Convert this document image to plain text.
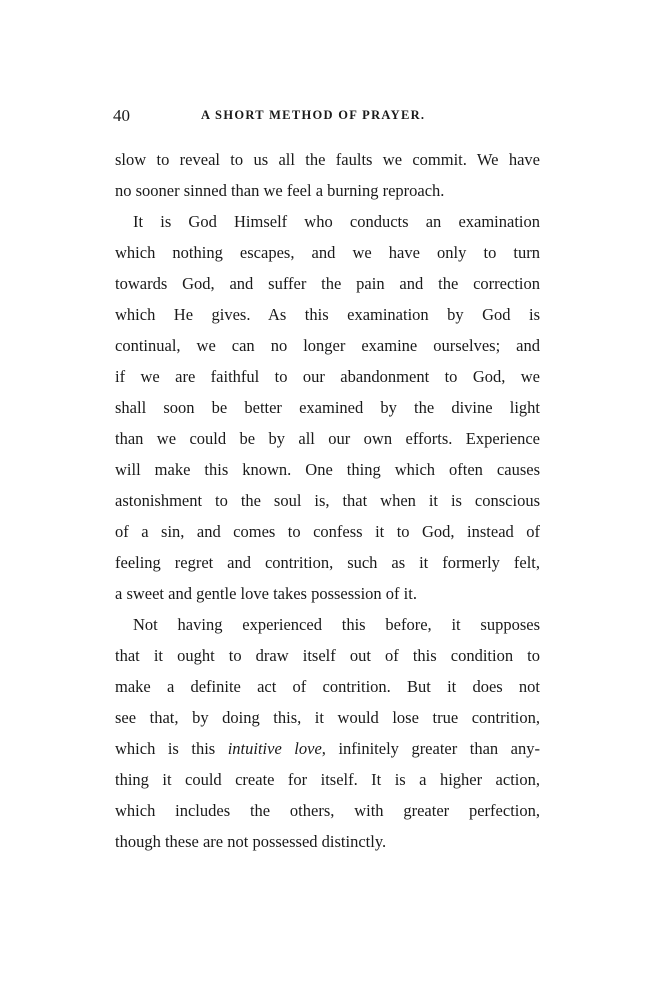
40	A SHORT METHOD OF PRAYER.
slow to reveal to us all the faults we commit. We have
no sooner sinned than we feel a burning reproach.
It is God Himself who conducts an examination
which nothing escapes, and we have only to turn
towards God, and suffer the pain and the correction
which He gives. As this examination by God is
continual, we can no longer examine ourselves; and
if we are faithful to our abandonment to God, we
shall soon be better examined by the divine light
than we could be by all our own efforts. Experience
will make this known. One thing which often causes
astonishment to the soul is, that when it is conscious
of a sin, and comes to confess it to God, instead of
feeling regret and contrition, such as it formerly felt,
a sweet and gentle love takes possession of it.
Not having experienced this before, it supposes
that it ought to draw itself out of this condition to
make a definite act of contrition. But it does not
see that, by doing this, it would lose true contrition,
which is this intuitive love, infinitely greater than any-
thing it could create for itself. It is a higher action,
which includes the others, with greater perfection,
though these are not possessed distinctly.
